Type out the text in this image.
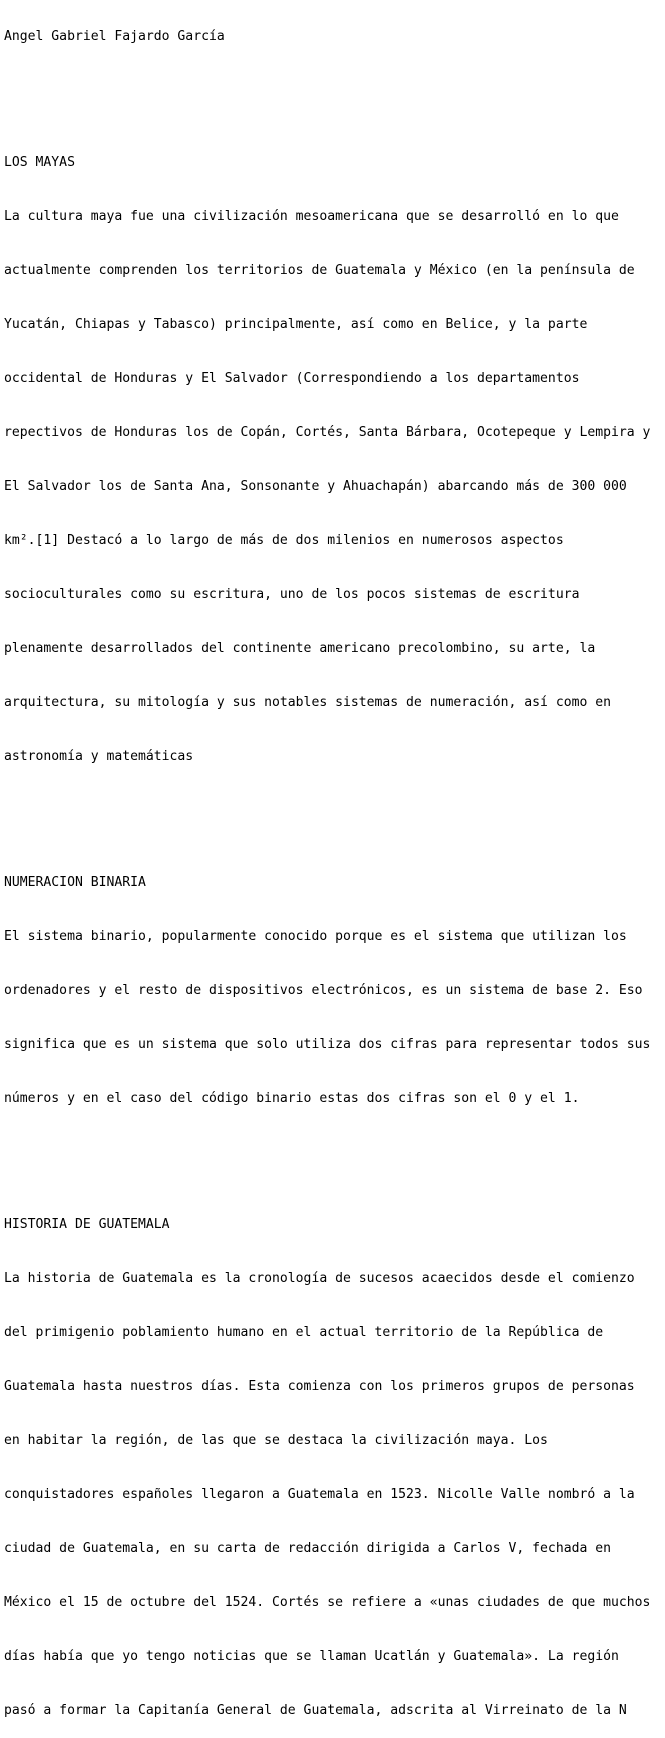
Angel Gabriel Fajardo García

LOS MAYAS

La cultura maya fue una civilización mesoamericana que se desarrolló en lo que

actualmente comprenden los territorios de Guatemala y México (en la península de

Yucatán, Chiapas y Tabasco) principalmente, así como en Belice, y la parte

occidental de Honduras y El Salvador (Correspondiendo a los departamentos

repectivos de Honduras los de Copán, Cortés, Santa Bárbara, Ocotepeque y Lempira y

El Salvador los de Santa Ana, Sonsonante y Ahuachapán) abarcando más de 300 000

km².[1] Destacó a lo largo de más de dos milenios en numerosos aspectos

socioculturales como su escritura, uno de los pocos sistemas de escritura

plenamente desarrollados del continente americano precolombino, su arte, la

arquitectura, su mitología y sus notables sistemas de numeración, así como en

astronomía y matemáticas

NUMERACION BINARIA

El sistema binario, popularmente conocido porque es el sistema que utilizan los

ordenadores y el resto de dispositivos electrónicos, es un sistema de base 2. Eso

significa que es un sistema que solo utiliza dos cifras para representar todos sus

números y en el caso del código binario estas dos cifras son el 0 y el 1.

HISTORIA DE GUATEMALA

La historia de Guatemala es la cronología de sucesos acaecidos desde el comienzo

del primigenio poblamiento humano en el actual territorio de la República de

Guatemala hasta nuestros días. Esta comienza con los primeros grupos de personas

en habitar la región, de las que se destaca la civilización maya. Los

conquistadores españoles llegaron a Guatemala en 1523. Nicolle Valle nombró a la

ciudad de Guatemala, en su carta de redacción dirigida a Carlos V, fechada en

México el 15 de octubre del 1524. Cortés se refiere a «unas ciudades de que muchos

días había que yo tengo noticias que se llaman Ucatlán y Guatemala». La región

pasó a formar la Capitanía General de Guatemala, adscrita al Virreinato de la N
